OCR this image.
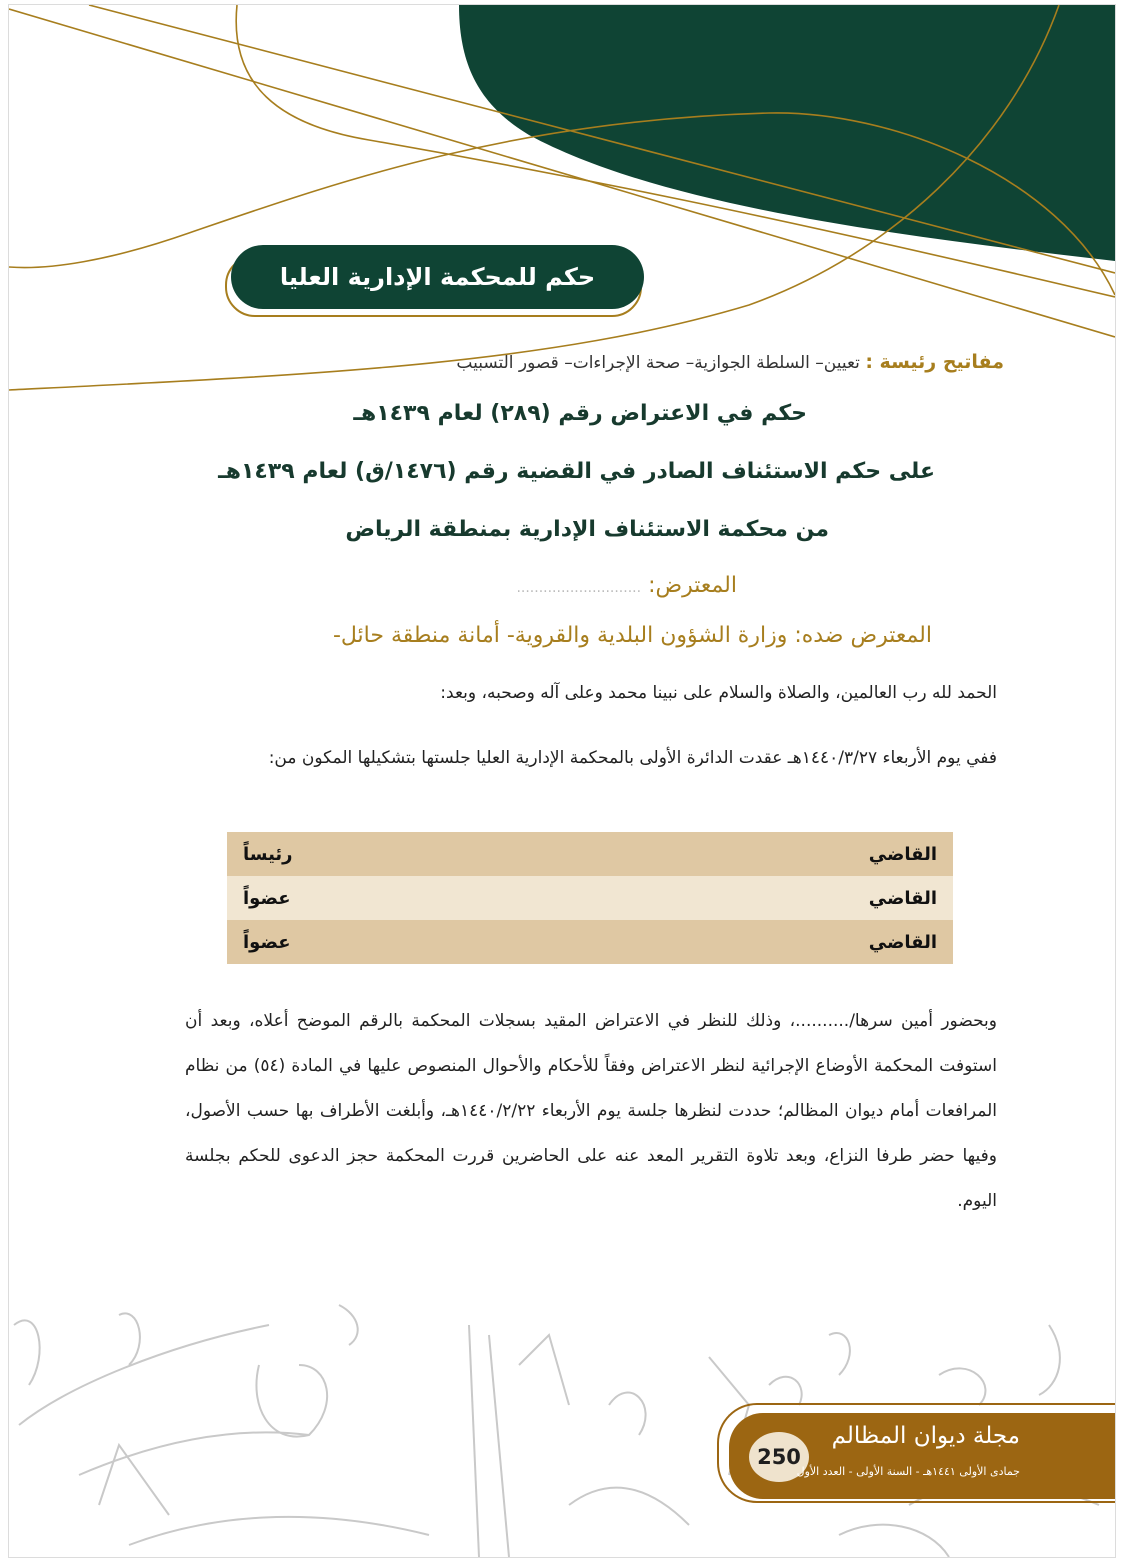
حكم للمحكمة الإدارية العليا
مفاتيح رئيسة : تعيين– السلطة الجوازية– صحة الإجراءات– قصور التسبيب
حكم في الاعتراض رقم (٢٨٩) لعام ١٤٣٩هـ
على حكم الاستئناف الصادر في القضية رقم (١٤٧٦/ق) لعام ١٤٣٩هـ
من محكمة الاستئناف الإدارية بمنطقة الرياض
المعترض: ............................
المعترض ضده: وزارة الشؤون البلدية والقروية- أمانة منطقة حائل-
الحمد لله رب العالمين، والصلاة والسلام على نبينا محمد وعلى آله وصحبه، وبعد:
ففي يوم الأربعاء ١٤٤٠/٣/٢٧هـ عقدت الدائرة الأولى بالمحكمة الإدارية العليا جلستها بتشكيلها المكون من:
القاضي	رئيساً
القاضي	عضواً
القاضي	عضواً
وبحضور أمين سرها/..........، وذلك للنظر في الاعتراض المقيد بسجلات المحكمة بالرقم الموضح أعلاه، وبعد أن استوفت المحكمة الأوضاع الإجرائية لنظر الاعتراض وفقاً للأحكام والأحوال المنصوص عليها في المادة (٥٤) من نظام المرافعات أمام ديوان المظالم؛ حددت لنظرها جلسة يوم الأربعاء ١٤٤٠/٢/٢٢هـ، وأبلغت الأطراف بها حسب الأصول، وفيها حضر طرفا النزاع، وبعد تلاوة التقرير المعد عنه على الحاضرين قررت المحكمة حجز الدعوى للحكم بجلسة اليوم.
250
مجلة ديوان المظالم
جمادى الأولى ١٤٤١هـ - السنة الأولى - العدد الأول
